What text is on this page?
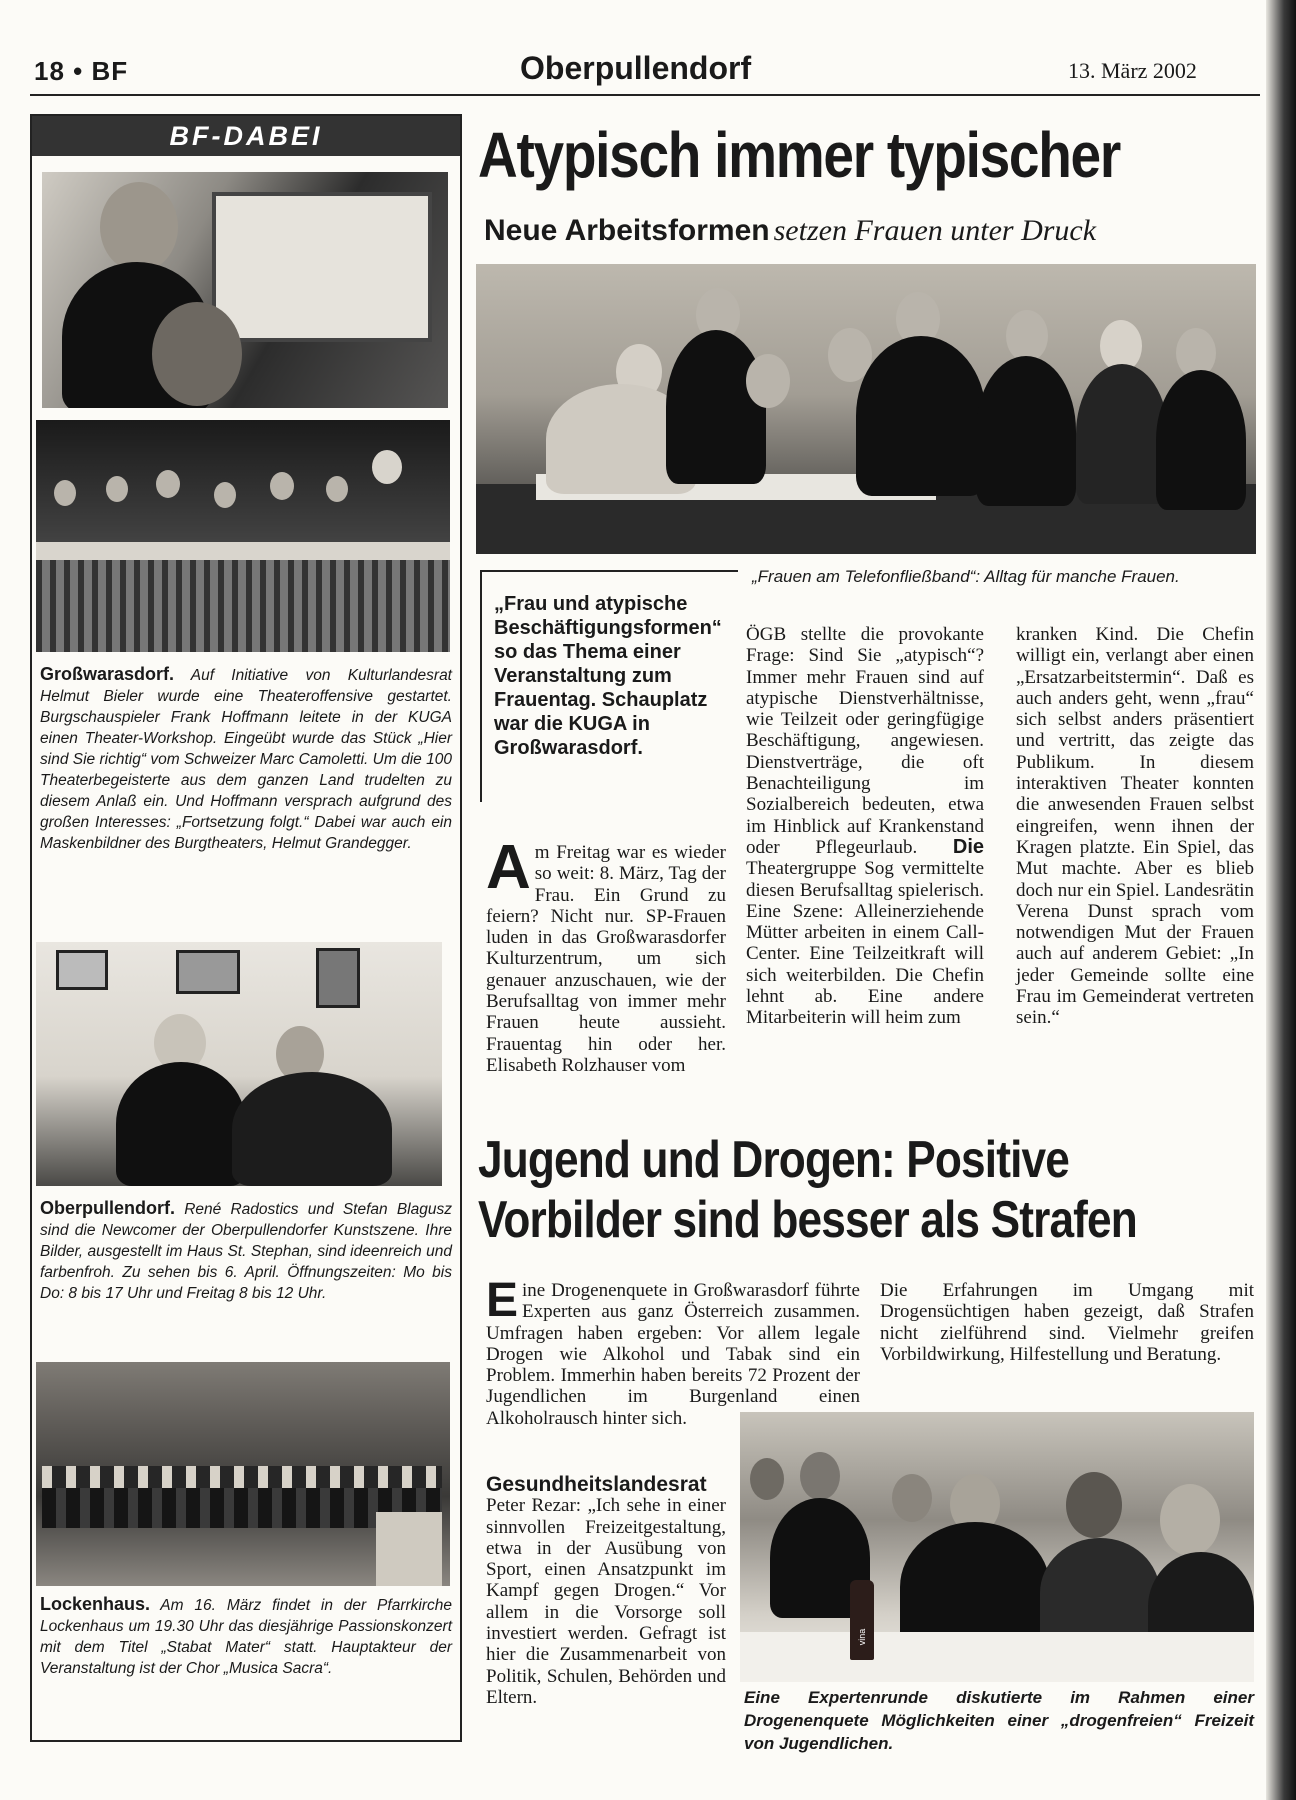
18 • BF	Oberpullendorf	13. März 2002
BF-DABEI
Großwarasdorf. Auf Initiative von Kulturlandesrat Helmut Bieler wurde eine Theateroffensive gestartet. Burgschauspieler Frank Hoffmann leitete in der KUGA einen Theater-Workshop. Eingeübt wurde das Stück „Hier sind Sie richtig“ vom Schweizer Marc Camoletti. Um die 100 Theaterbegeisterte aus dem ganzen Land trudelten zu diesem Anlaß ein. Und Hoffmann versprach aufgrund des großen Interesses: „Fortsetzung folgt.“ Dabei war auch ein Maskenbildner des Burgtheaters, Helmut Grandegger.
Oberpullendorf. René Radostics und Stefan Blagusz sind die Newcomer der Oberpullendorfer Kunstszene. Ihre Bilder, ausgestellt im Haus St. Stephan, sind ideenreich und farbenfroh. Zu sehen bis 6. April. Öffnungszeiten: Mo bis Do: 8 bis 17 Uhr und Freitag 8 bis 12 Uhr.
Lockenhaus. Am 16. März findet in der Pfarrkirche Lockenhaus um 19.30 Uhr das diesjährige Passionskonzert mit dem Titel „Stabat Mater“ statt. Hauptakteur der Veranstaltung ist der Chor „Musica Sacra“.
Atypisch immer typischer
Neue Arbeitsformen setzen Frauen unter Druck
„Frauen am Telefonfließband“: Alltag für manche Frauen.
„Frau und atypische Beschäftigungsformen“ so das Thema einer Veranstaltung zum Frauentag. Schauplatz war die KUGA in Großwarasdorf.
Am Freitag war es wieder so weit: 8. März, Tag der Frau. Ein Grund zu feiern? Nicht nur. SP-Frauen luden in das Großwarasdorfer Kulturzentrum, um sich genauer anzuschauen, wie der Berufsalltag von immer mehr Frauen heute aussieht. Frauentag hin oder her. Elisabeth Rolzhauser vom
ÖGB stellte die provokante Frage: Sind Sie „atypisch“? Immer mehr Frauen sind auf atypische Dienstverhältnisse, wie Teilzeit oder geringfügige Beschäftigung, angewiesen. Dienstverträge, die oft Benachteiligung im Sozialbereich bedeuten, etwa im Hinblick auf Krankenstand oder Pflegeurlaub. Die Theatergruppe Sog vermittelte diesen Berufsalltag spielerisch. Eine Szene: Alleinerziehende Mütter arbeiten in einem Call-Center. Eine Teilzeitkraft will sich weiterbilden. Die Chefin lehnt ab. Eine andere Mitarbeiterin will heim zum
kranken Kind. Die Chefin willigt ein, verlangt aber einen „Ersatzarbeitstermin“. Daß es auch anders geht, wenn „frau“ sich selbst anders präsentiert und vertritt, das zeigte das Publikum. In diesem interaktiven Theater konnten die anwesenden Frauen selbst eingreifen, wenn ihnen der Kragen platzte. Ein Spiel, das Mut machte. Aber es blieb doch nur ein Spiel. Landesrätin Verena Dunst sprach vom notwendigen Mut der Frauen auch auf anderem Gebiet: „In jeder Gemeinde sollte eine Frau im Gemeinderat vertreten sein.“
Jugend und Drogen: Positive
Vorbilder sind besser als Strafen
Eine Drogenenquete in Großwarasdorf führte Experten aus ganz Österreich zusammen. Umfragen haben ergeben: Vor allem legale Drogen wie Alkohol und Tabak sind ein Problem. Immerhin haben bereits 72 Prozent der Jugendlichen im Burgenland einen Alkoholrausch hinter sich.
Gesundheitslandesrat
Peter Rezar: „Ich sehe in einer sinnvollen Freizeitgestaltung, etwa in der Ausübung von Sport, einen Ansatzpunkt im Kampf gegen Drogen.“ Vor allem in die Vorsorge soll investiert werden. Gefragt ist hier die Zusammenarbeit von Politik, Schulen, Behörden und Eltern.
Die Erfahrungen im Umgang mit Drogensüchtigen haben gezeigt, daß Strafen nicht zielführend sind. Vielmehr greifen Vorbildwirkung, Hilfestellung und Beratung.
vina
Eine Expertenrunde diskutierte im Rahmen einer Drogenenquete Möglichkeiten einer „drogenfreien“ Freizeit von Jugendlichen.
